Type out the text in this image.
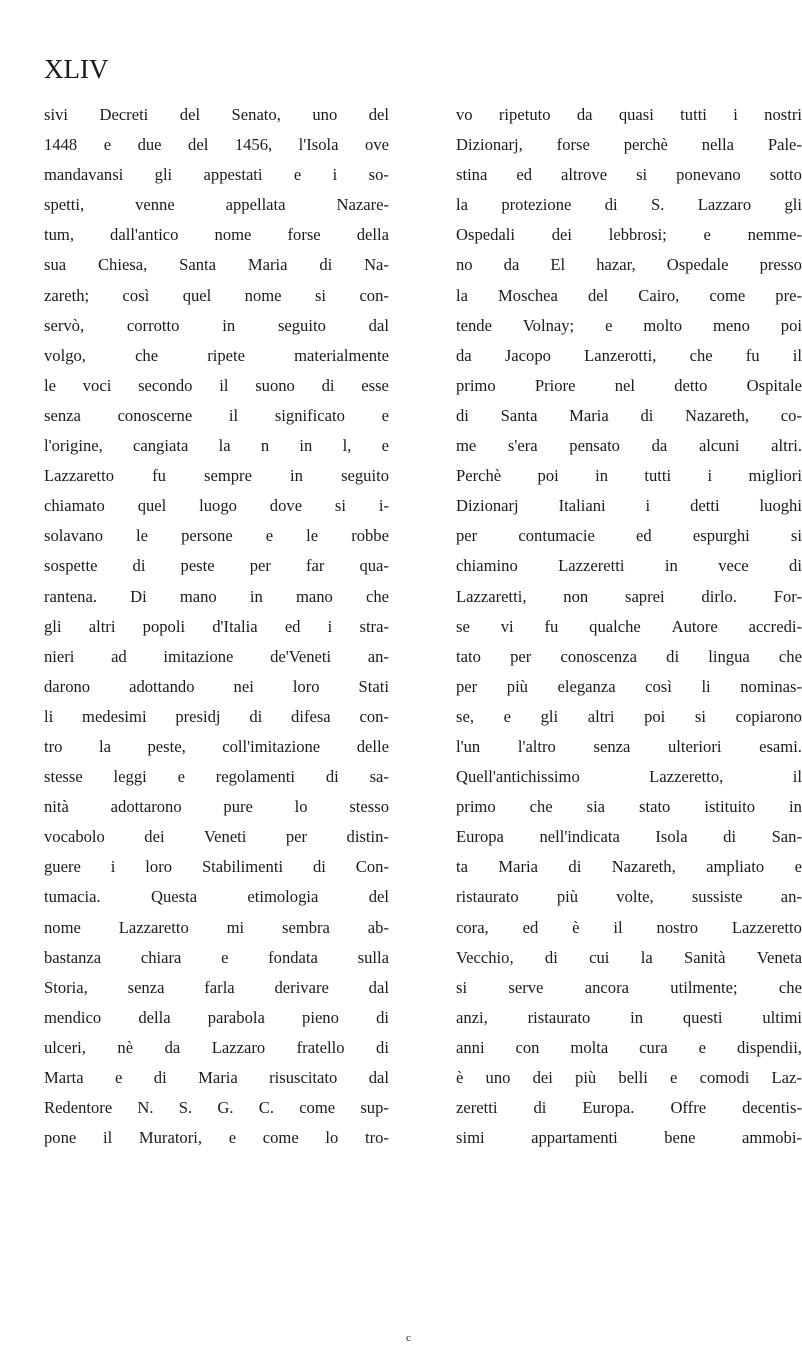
XLIV
sivi Decreti del Senato, uno del
1448 e due del 1456, l'Isola ove
mandavansi gli appestati e i so-
spetti,	venne	appellata	Nazare-
tum, dall'antico nome forse della
sua Chiesa, Santa Maria di Na-
zareth; così quel nome si con-
servò,	corrotto	in	seguito	dal
volgo,	che	ripete	materialmente
le voci secondo il suono di esse
senza conoscerne il significato e
l'origine, cangiata la n in l, e
Lazzaretto fu sempre in seguito
chiamato quel luogo dove si i-
solavano le persone e le robbe
sospette di peste per far qua-
rantena. Di mano in mano che
gli altri popoli d'Italia ed i stra-
nieri ad imitazione de'Veneti an-
darono adottando nei loro Stati
li medesimi presidj di difesa con-
tro la peste, coll'imitazione delle
stesse leggi e regolamenti di sa-
nità	adottarono	pure	lo	stesso
vocabolo dei Veneti per distin-
guere i loro Stabilimenti di Con-
tumacia.	Questa	etimologia	del
nome Lazzaretto mi sembra ab-
bastanza chiara e fondata sulla
Storia, senza farla derivare dal
mendico della parabola pieno di
ulceri, nè da Lazzaro fratello di
Marta e di Maria risuscitato dal
Redentore N. S. G. C. come sup-
pone il Muratori, e come lo tro-
vo ripetuto da quasi tutti i nostri
Dizionarj, forse perchè nella Pale-
stina ed altrove si ponevano sotto
la protezione di S. Lazzaro gli
Ospedali dei lebbrosi; e nemme-
no da El hazar, Ospedale presso
la Moschea del Cairo, come pre-
tende Volnay; e molto meno poi
da Jacopo Lanzerotti, che fu il
primo Priore nel detto Ospitale
di Santa Maria di Nazareth, co-
me s'era pensato da alcuni altri.
Perchè poi in tutti i migliori
Dizionarj Italiani i detti luoghi
per contumacie ed espurghi si
chiamino Lazzeretti in vece di
Lazzaretti, non saprei dirlo. For-
se vi fu qualche Autore accredi-
tato per conoscenza di lingua che
per più eleganza così li nominas-
se, e gli altri poi si copiarono
l'un l'altro senza ulteriori esami.
Quell'antichissimo	Lazzeretto,	il
primo che sia stato istituito in
Europa nell'indicata Isola di San-
ta Maria di Nazareth, ampliato e
ristaurato più volte, sussiste an-
cora, ed è il nostro Lazzeretto
Vecchio, di cui la Sanità Veneta
si serve ancora utilmente; che
anzi, ristaurato in questi ultimi
anni con molta cura e dispendii,
è uno dei più belli e comodi Laz-
zeretti di Europa. Offre decentis-
simi	appartamenti	bene	ammobi-
c
